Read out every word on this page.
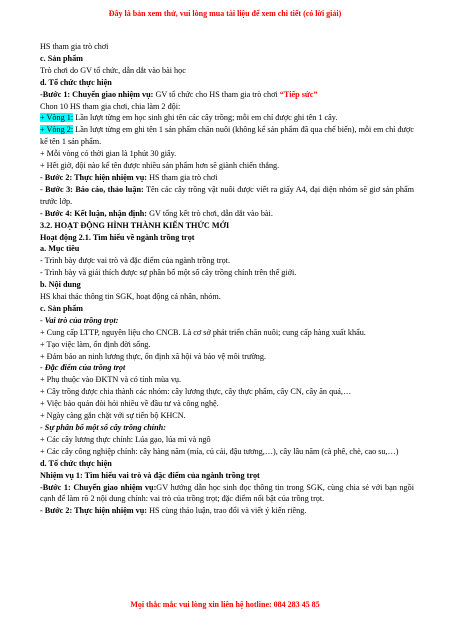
Đây là bản xem thử, vui lòng mua tài liệu để xem chi tiết (có lời giải)

HS tham gia trò chơi

c. Sản phẩm

Trò chơi do GV tổ chức, dẫn dắt vào bài học

d. Tổ chức thực hiện

-Bước 1: Chuyển giao nhiệm vụ: GV tổ chức cho HS tham gia trò chơi “Tiếp sức”

Chon 10 HS tham gia chơi, chia làm 2 đội:

+ Vòng 1: Lần lượt từng em học sinh ghi tên các cây trồng; mỗi em chỉ được ghi tên 1 cây.

+ Vòng 2: Lần lượt từng em ghi tên 1 sản phẩm chăn nuôi (không kể sản phẩm đã qua chế biến), mỗi em chỉ được kể tên 1 sản phẩm.

+ Mỗi vòng có thời gian là 1phút 30 giây.

+ Hết giờ, đội nào kể tên được nhiều sản phẩm hơn sẽ giành chiến thắng.

- Bước 2: Thực hiện nhiệm vụ: HS tham gia trò chơi

- Bước 3: Báo cáo, thảo luận: Tên các cây trồng vật nuôi được viết ra giấy A4, đại diện nhóm sẽ giơ sản phẩm trước lớp.

- Bước 4: Kết luận, nhận định: GV tổng kết trò chơi, dẫn dắt vào bài.

3.2. HOẠT ĐỘNG HÌNH THÀNH KIẾN THỨC MỚI

Hoạt động 2.1. Tìm hiểu về ngành trồng trọt

a. Mục tiêu

- Trình bày được vai trò và đặc điểm của ngành trồng trọt.

- Trình bày và giải thích được sự phân bố một số cây trồng chính trên thế giới.

b. Nội dung

HS khai thác thông tin SGK, hoạt động cá nhân, nhóm.

c. Sản phẩm

- Vai trò của trồng trọt:

+ Cung cấp LTTP, nguyên liệu cho CNCB. Là cơ sở phát triển chăn nuôi; cung cấp hàng xuất khẩu.

+ Tạo việc làm, ổn định đời sống.

+ Đảm bảo an ninh lương thực, ổn định xã hội và bảo vệ môi trường.

- Đặc điểm của trồng trọt

+ Phụ thuộc vào ĐKTN và có tính mùa vụ.

+ Cây trồng được chia thành các nhóm: cây lương thực, cây thực phẩm, cây CN, cây ăn quả,…

+ Việc bảo quản đòi hỏi nhiều về đầu tư và công nghệ.

+ Ngày càng gắn chặt với sự tiến bộ KHCN.

- Sự phân bố một số cây trồng chính:

+ Các cây lương thực chính: Lúa gạo, lúa mì và ngô

+ Các cây công nghiệp chính: cây hàng năm (mía, củ cải, đậu tương,…), cây lâu năm (cà phê, chè, cao su,…)

d. Tổ chức thực hiện

Nhiệm vụ 1: Tìm hiểu vai trò và đặc điểm của ngành trồng trọt

-Bước 1: Chuyển giao nhiệm vụ:GV hướng dẫn học sinh đọc thông tin trong SGK, cùng chia sẻ với bạn ngồi cạnh để làm rõ 2 nội dung chính: vai trò của trồng trọt; đặc điểm nổi bật của trồng trọt.

- Bước 2: Thực hiện nhiệm vụ: HS cùng thảo luận, trao đổi và viết ý kiến riêng.

Mọi thắc mắc vui lòng xin liên hệ hotline: 084 283 45 85
